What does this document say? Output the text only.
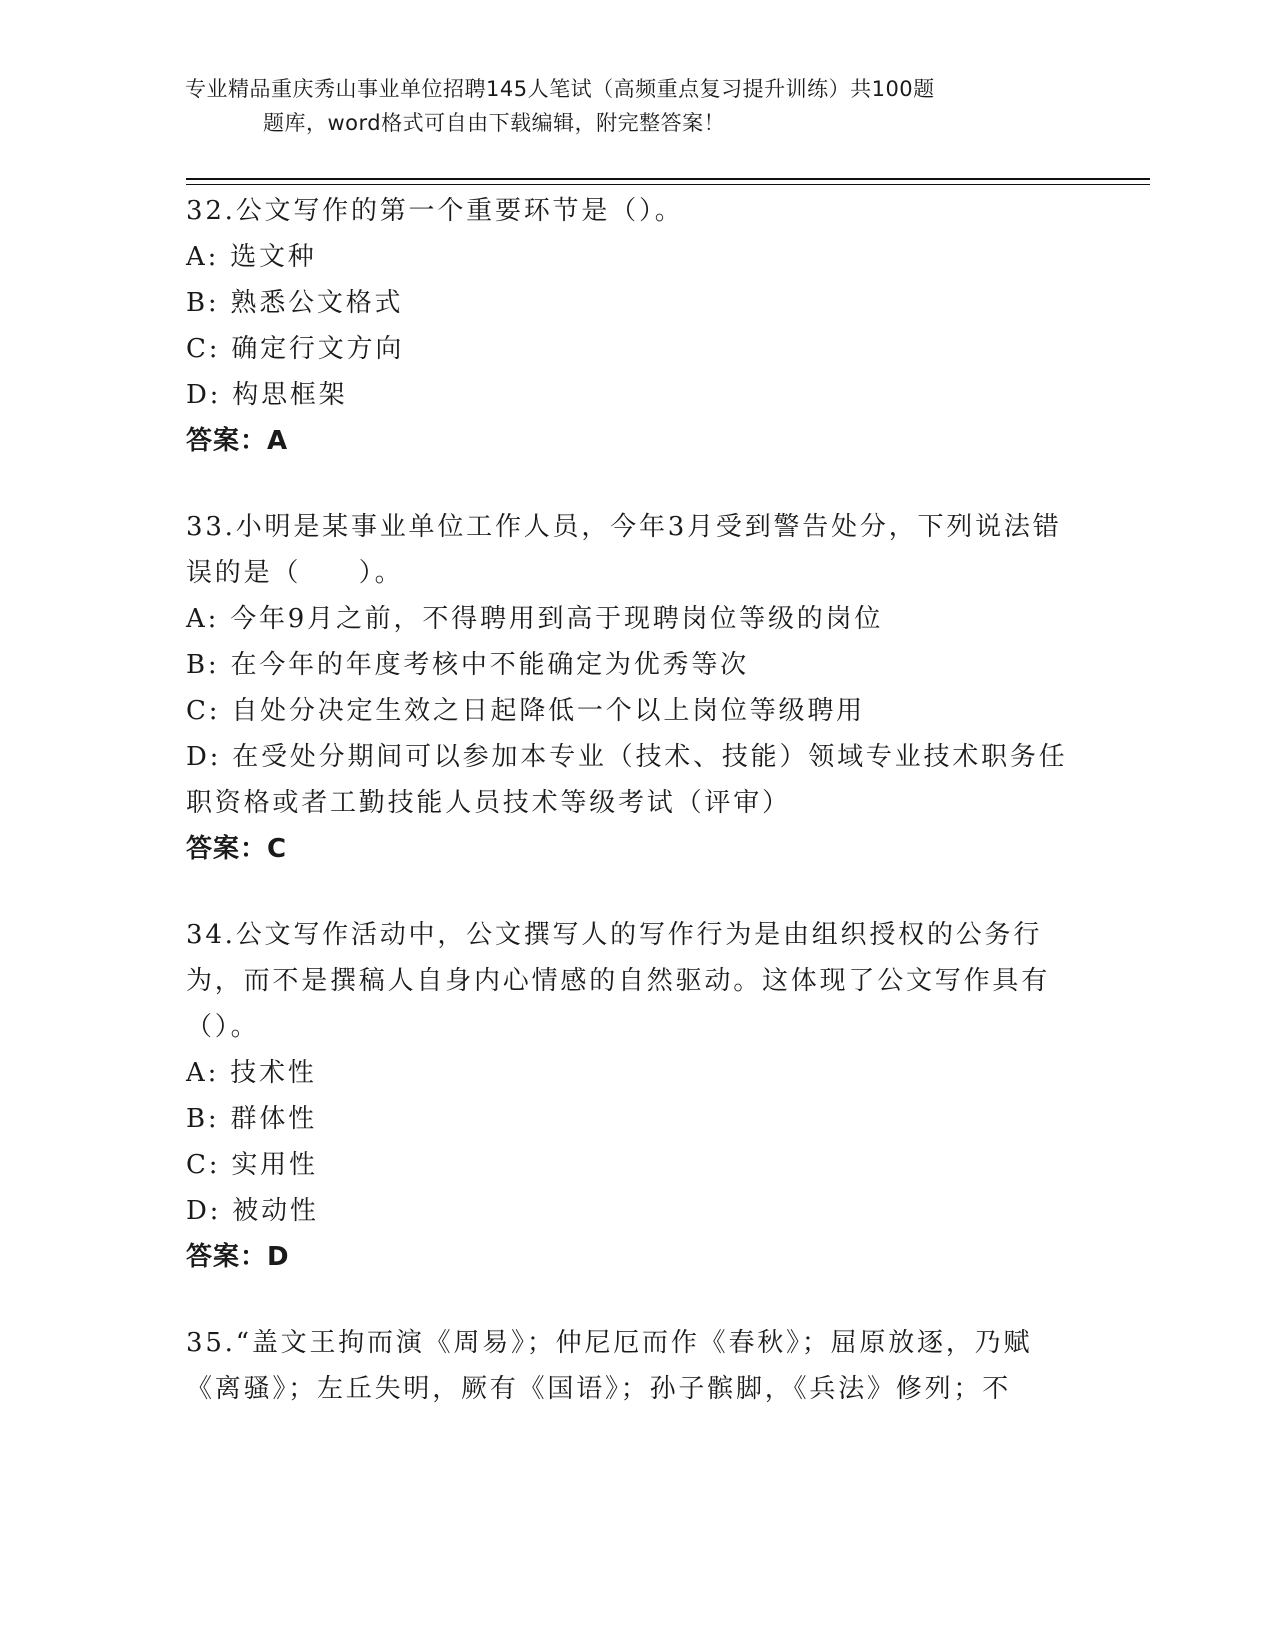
专业精品重庆秀山事业单位招聘145人笔试（高频重点复习提升训练）共100题
题库，word格式可自由下载编辑，附完整答案！
32.公文写作的第一个重要环节是（）。
A: 选文种
B: 熟悉公文格式
C: 确定行文方向
D: 构思框架
答案：A
33.小明是某事业单位工作人员，今年3月受到警告处分，下列说法错误的是（　　）。
A: 今年9月之前，不得聘用到高于现聘岗位等级的岗位
B: 在今年的年度考核中不能确定为优秀等次
C: 自处分决定生效之日起降低一个以上岗位等级聘用
D: 在受处分期间可以参加本专业（技术、技能）领域专业技术职务任职资格或者工勤技能人员技术等级考试（评审）
答案：C
34.公文写作活动中，公文撰写人的写作行为是由组织授权的公务行为，而不是撰稿人自身内心情感的自然驱动。这体现了公文写作具有（）。
A: 技术性
B: 群体性
C: 实用性
D: 被动性
答案：D
35.“盖文王拘而演《周易》；仲尼厄而作《春秋》；屈原放逐，乃赋《离骚》；左丘失明，厥有《国语》；孙子髌脚，《兵法》修列；不
